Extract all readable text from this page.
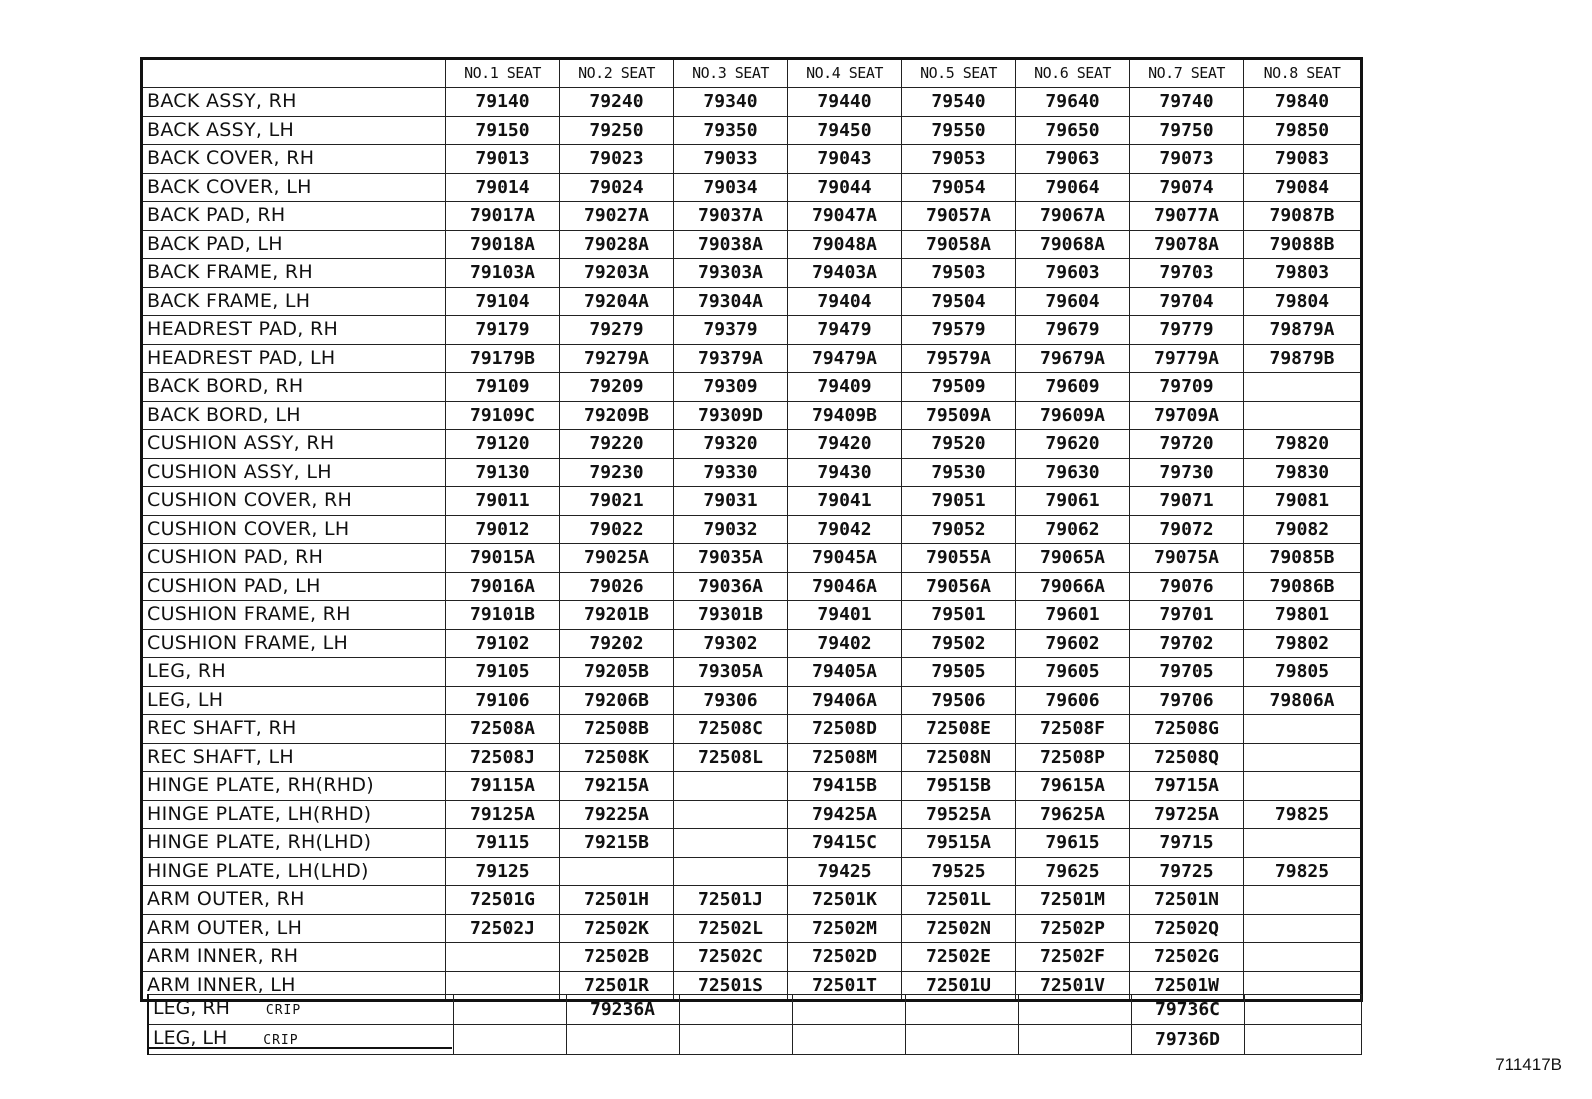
	NO.1 SEAT	NO.2 SEAT	NO.3 SEAT	NO.4 SEAT	NO.5 SEAT	NO.6 SEAT	NO.7 SEAT	NO.8 SEAT
BACK ASSY, RH	79140	79240	79340	79440	79540	79640	79740	79840
BACK ASSY, LH	79150	79250	79350	79450	79550	79650	79750	79850
BACK COVER, RH	79013	79023	79033	79043	79053	79063	79073	79083
BACK COVER, LH	79014	79024	79034	79044	79054	79064	79074	79084
BACK PAD, RH	79017A	79027A	79037A	79047A	79057A	79067A	79077A	79087B
BACK PAD, LH	79018A	79028A	79038A	79048A	79058A	79068A	79078A	79088B
BACK FRAME, RH	79103A	79203A	79303A	79403A	79503	79603	79703	79803
BACK FRAME, LH	79104	79204A	79304A	79404	79504	79604	79704	79804
HEADREST PAD, RH	79179	79279	79379	79479	79579	79679	79779	79879A
HEADREST PAD, LH	79179B	79279A	79379A	79479A	79579A	79679A	79779A	79879B
BACK BORD, RH	79109	79209	79309	79409	79509	79609	79709	
BACK BORD, LH	79109C	79209B	79309D	79409B	79509A	79609A	79709A	
CUSHION ASSY, RH	79120	79220	79320	79420	79520	79620	79720	79820
CUSHION ASSY, LH	79130	79230	79330	79430	79530	79630	79730	79830
CUSHION COVER, RH	79011	79021	79031	79041	79051	79061	79071	79081
CUSHION COVER, LH	79012	79022	79032	79042	79052	79062	79072	79082
CUSHION PAD, RH	79015A	79025A	79035A	79045A	79055A	79065A	79075A	79085B
CUSHION PAD, LH	79016A	79026	79036A	79046A	79056A	79066A	79076	79086B
CUSHION FRAME, RH	79101B	79201B	79301B	79401	79501	79601	79701	79801
CUSHION FRAME, LH	79102	79202	79302	79402	79502	79602	79702	79802
LEG, RH	79105	79205B	79305A	79405A	79505	79605	79705	79805
LEG, LH	79106	79206B	79306	79406A	79506	79606	79706	79806A
REC SHAFT, RH	72508A	72508B	72508C	72508D	72508E	72508F	72508G	
REC SHAFT, LH	72508J	72508K	72508L	72508M	72508N	72508P	72508Q	
HINGE PLATE, RH(RHD)	79115A	79215A		79415B	79515B	79615A	79715A	
HINGE PLATE, LH(RHD)	79125A	79225A		79425A	79525A	79625A	79725A	79825
HINGE PLATE, RH(LHD)	79115	79215B		79415C	79515A	79615	79715	
HINGE PLATE, LH(LHD)	79125			79425	79525	79625	79725	79825
ARM OUTER, RH	72501G	72501H	72501J	72501K	72501L	72501M	72501N	
ARM OUTER, LH	72502J	72502K	72502L	72502M	72502N	72502P	72502Q	
ARM INNER, RH		72502B	72502C	72502D	72502E	72502F	72502G	
ARM INNER, LH		72501R	72501S	72501T	72501U	72501V	72501W	
LEG, RH CRIP		79236A					79736C	
LEG, LH CRIP							79736D	
711417B
